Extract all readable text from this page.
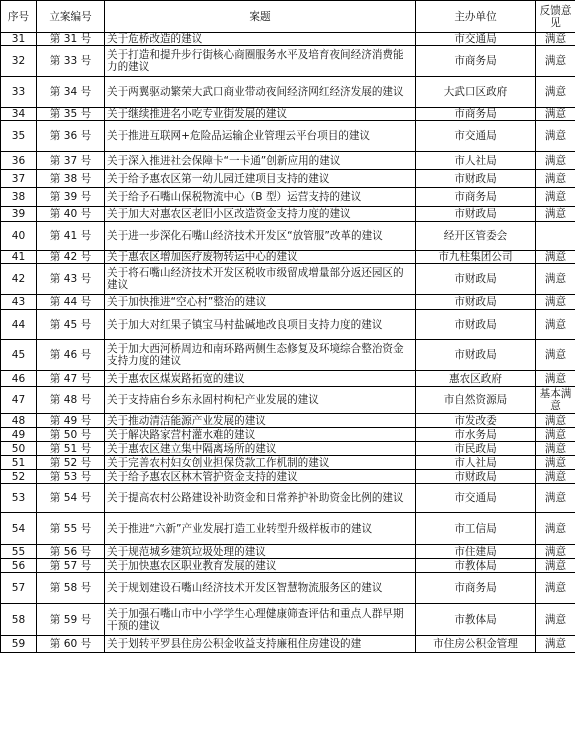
序号	立案编号	案题	主办单位	反馈意见
31	第 31 号	关于危桥改造的建议	市交通局	满意
32	第 33 号	关于打造和提升步行街核心商圈服务水平及培育夜间经济消费能力的建议	市商务局	满意
33	第 34 号	关于两翼驱动繁荣大武口商业带动夜间经济网红经济发展的建议	大武口区政府	满意
34	第 35 号	关于继续推进名小吃专业街发展的建议	市商务局	满意
35	第 36 号	关于推进互联网+危险品运输企业管理云平台项目的建议	市交通局	满意
36	第 37 号	关于深入推进社会保障卡“一卡通”创新应用的建议	市人社局	满意
37	第 38 号	关于给予惠农区第一幼儿园迁建项目支持的建议	市财政局	满意
38	第 39 号	关于给予石嘴山保税物流中心（B 型）运营支持的建议	市商务局	满意
39	第 40 号	关于加大对惠农区老旧小区改造资金支持力度的建议	市财政局	满意
40	第 41 号	关于进一步深化石嘴山经济技术开发区“放管服”改革的建议	经开区管委会	
41	第 42 号	关于惠农区增加医疗废物转运中心的建议	市九柱集团公司	满意
42	第 43 号	关于将石嘴山经济技术开发区税收市级留成增量部分返还园区的建议	市财政局	满意
43	第 44 号	关于加快推进“空心村”整治的建议	市财政局	满意
44	第 45 号	关于加大对红果子镇宝马村盐碱地改良项目支持力度的建议	市财政局	满意
45	第 46 号	关于加大西河桥周边和南环路两侧生态修复及环境综合整治资金支持力度的建议	市财政局	满意
46	第 47 号	关于惠农区煤炭路拓宽的建议	惠农区政府	满意
47	第 48 号	关于支持庙台乡东永固村枸杞产业发展的建议	市自然资源局	基本满意
48	第 49 号	关于推动清洁能源产业发展的建议	市发改委	满意
49	第 50 号	关于解决路家营村灌水难的建议	市水务局	满意
50	第 51 号	关于惠农区建立集中隔离场所的建议	市民政局	满意
51	第 52 号	关于完善农村妇女创业担保贷款工作机制的建议	市人社局	满意
52	第 53 号	关于给予惠农区林木管护资金支持的建议	市财政局	满意
53	第 54 号	关于提高农村公路建设补助资金和日常养护补助资金比例的建议	市交通局	满意
54	第 55 号	关于推进“六新”产业发展打造工业转型升级样板市的建议	市工信局	满意
55	第 56 号	关于规范城乡建筑垃圾处理的建议	市住建局	满意
56	第 57 号	关于加快惠农区职业教育发展的建议	市教体局	满意
57	第 58 号	关于规划建设石嘴山经济技术开发区智慧物流服务区的建议	市商务局	满意
58	第 59 号	关于加强石嘴山市中小学学生心理健康筛查评估和重点人群早期干预的建议	市教体局	满意
59	第 60 号	关于划转平罗县住房公积金收益支持廉租住房建设的建	市住房公积金管理	满意
